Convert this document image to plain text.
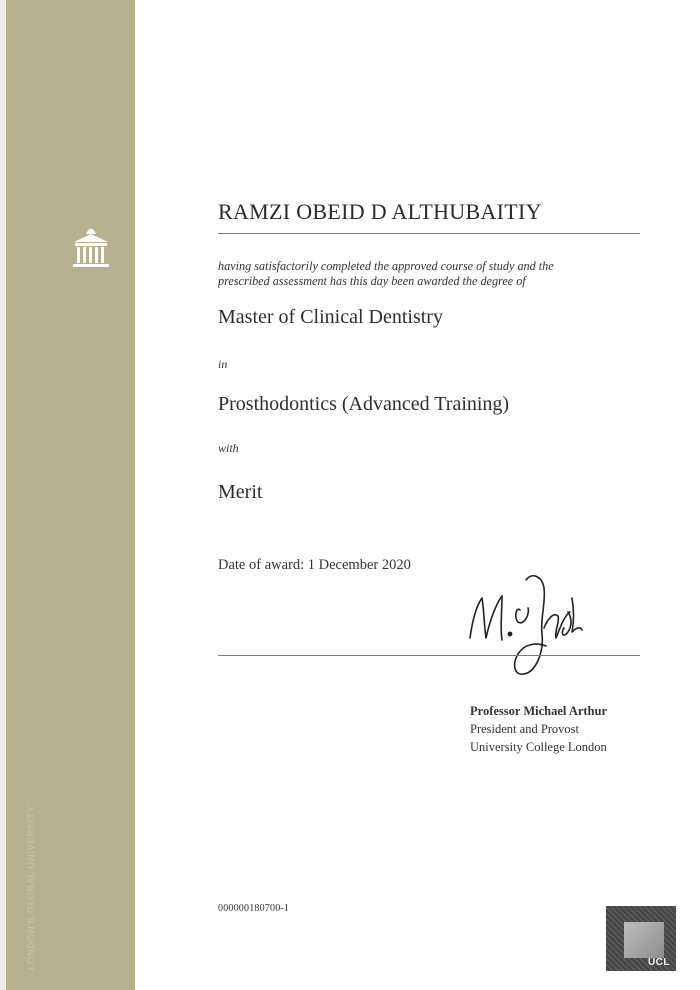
UCL
LONDON'S GLOBAL UNIVERSITY
RAMZI OBEID D ALTHUBAITIY
having satisfactorily completed the approved course of study and the
prescribed assessment has this day been awarded the degree of
Master of Clinical Dentistry
in
Prosthodontics (Advanced Training)
with
Merit
Date of award: 1 December 2020
Professor Michael Arthur
President and Provost
University College London
000000180700-1
UCL
